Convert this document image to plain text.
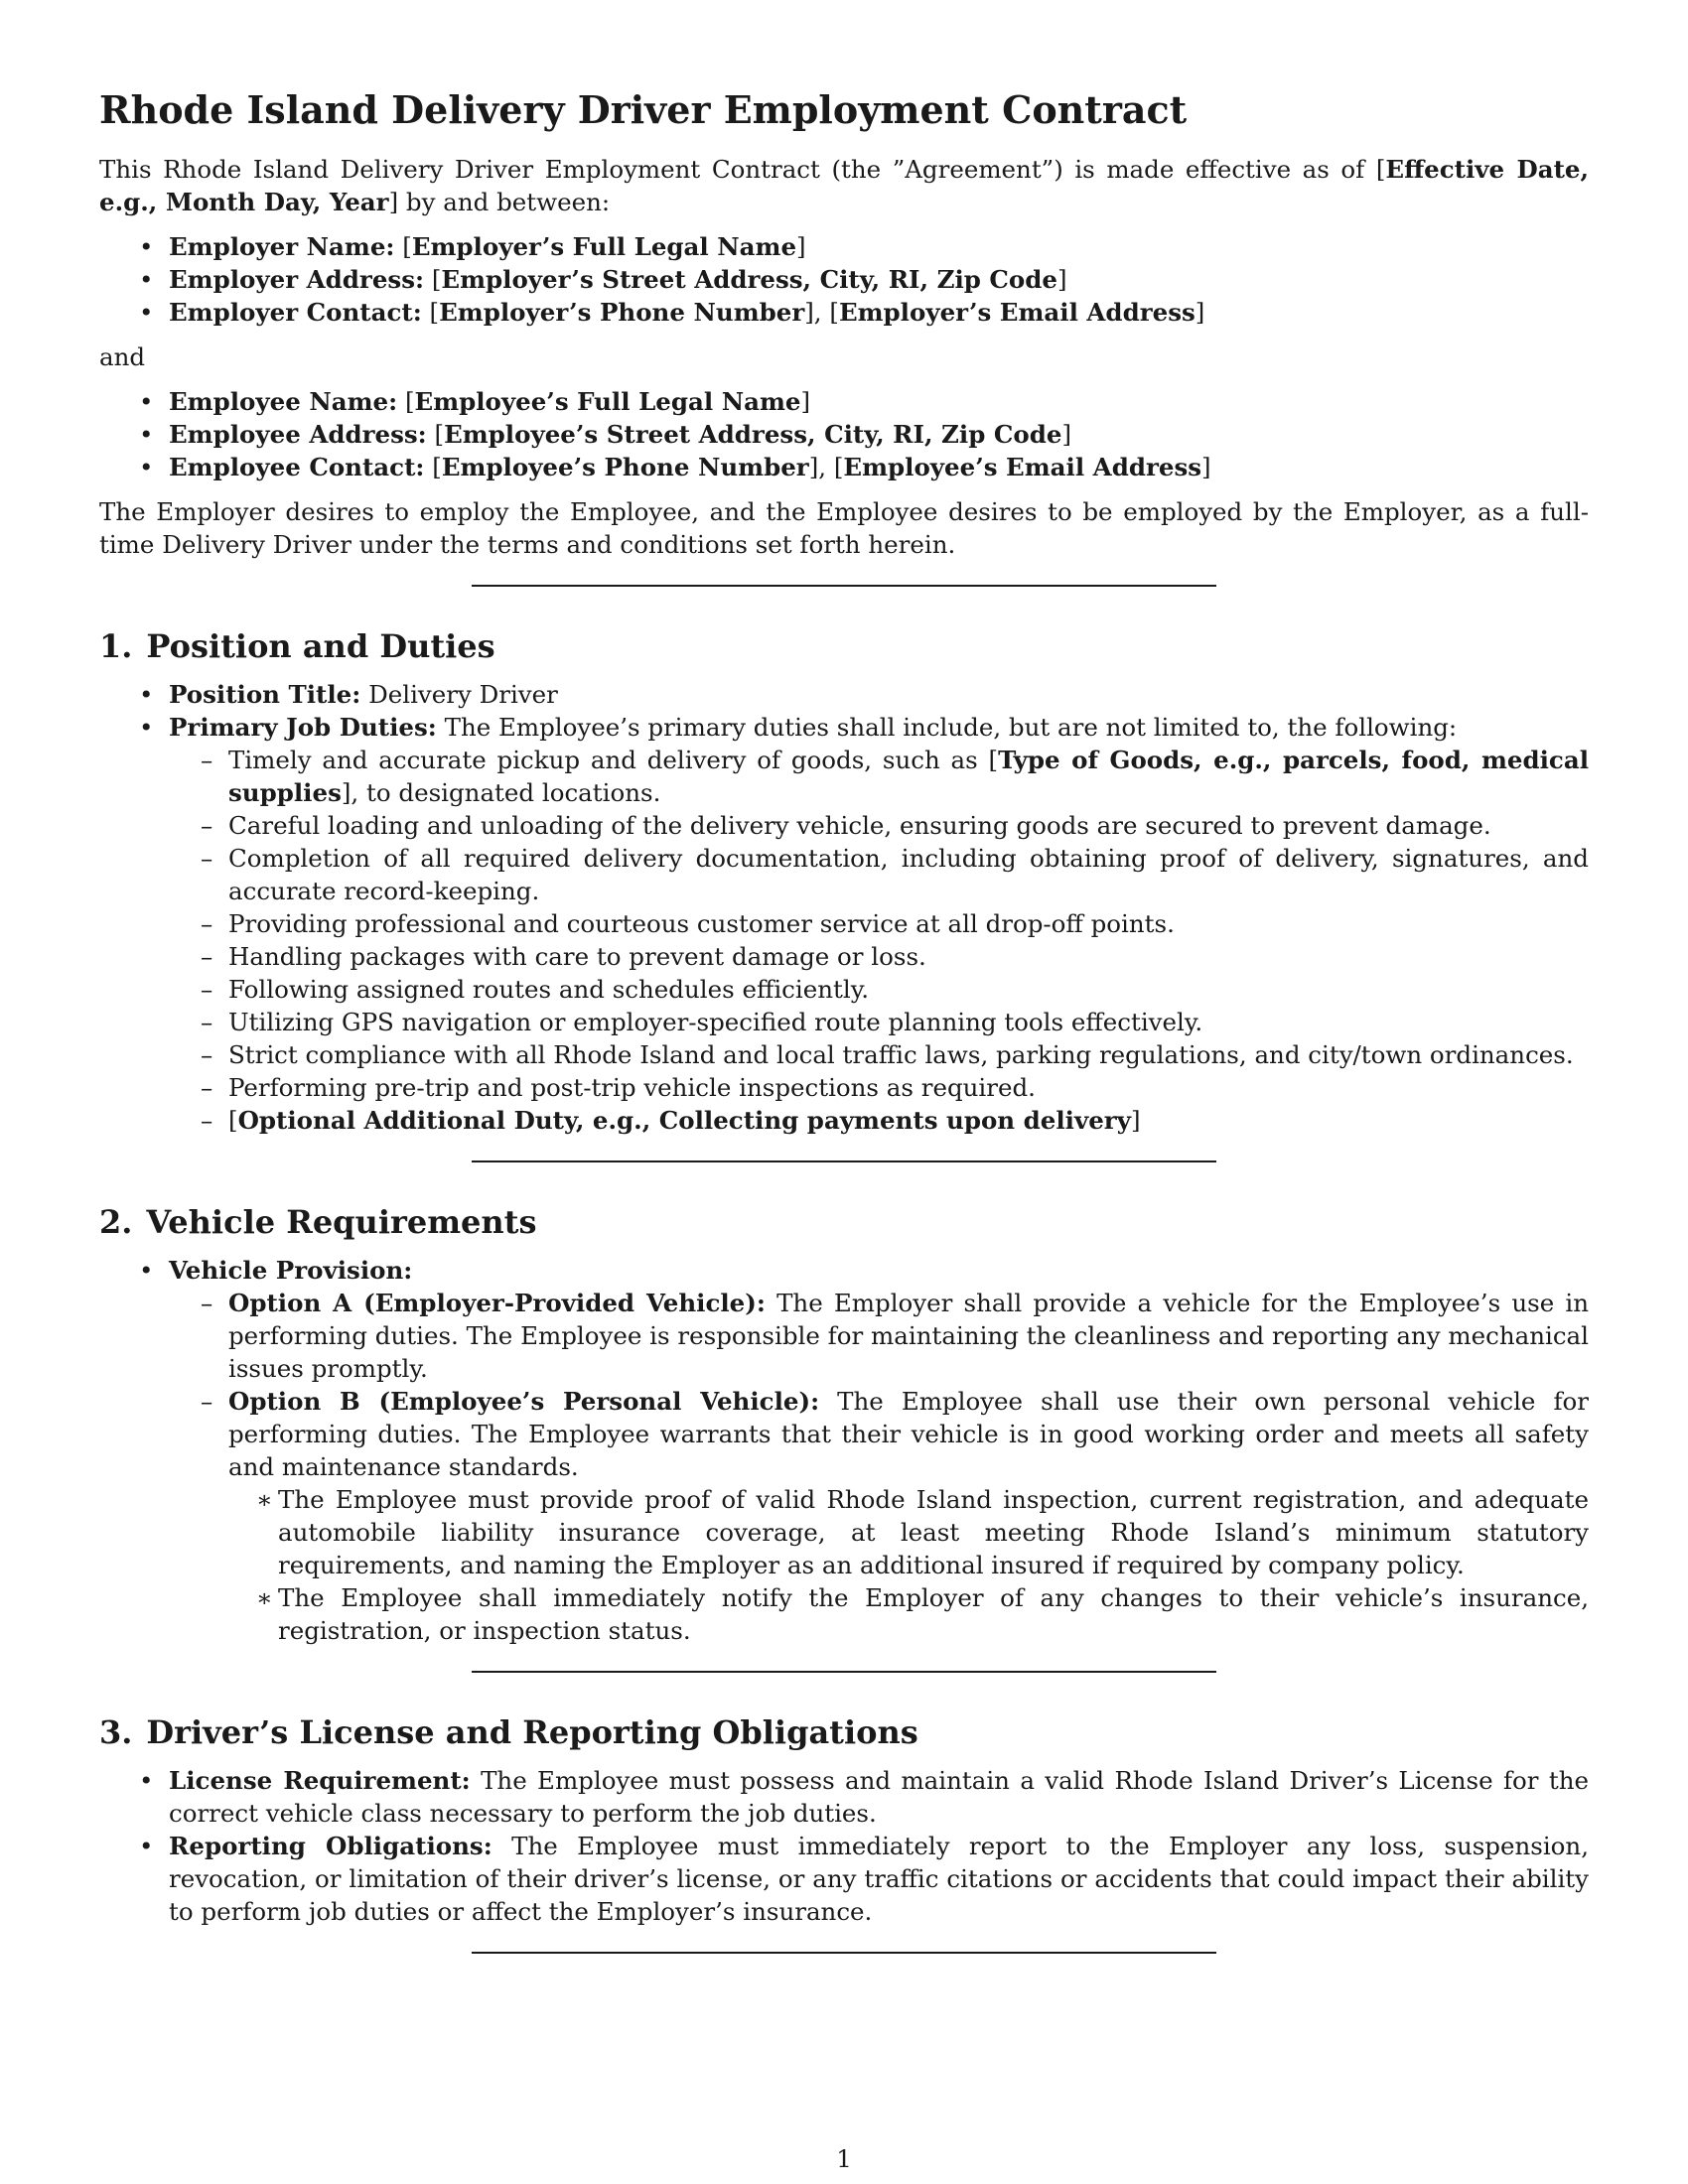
Rhode Island Delivery Driver Employment Contract

This Rhode Island Delivery Driver Employment Contract (the ”Agreement”) is made effective as of [Effective Date, e.g., Month Day, Year] by and between:

• Employer Name: [Employer’s Full Legal Name]
• Employer Address: [Employer’s Street Address, City, RI, Zip Code]
• Employer Contact: [Employer’s Phone Number], [Employer’s Email Address]

and

• Employee Name: [Employee’s Full Legal Name]
• Employee Address: [Employee’s Street Address, City, RI, Zip Code]
• Employee Contact: [Employee’s Phone Number], [Employee’s Email Address]

The Employer desires to employ the Employee, and the Employee desires to be employed by the Employer, as a full-time Delivery Driver under the terms and conditions set forth herein.

1. Position and Duties
• Position Title: Delivery Driver
• Primary Job Duties: The Employee’s primary duties shall include, but are not limited to, the following:
– Timely and accurate pickup and delivery of goods, such as [Type of Goods, e.g., parcels, food, medical supplies], to designated locations.
– Careful loading and unloading of the delivery vehicle, ensuring goods are secured to prevent damage.
– Completion of all required delivery documentation, including obtaining proof of delivery, signatures, and accurate record-keeping.
– Providing professional and courteous customer service at all drop-off points.
– Handling packages with care to prevent damage or loss.
– Following assigned routes and schedules efficiently.
– Utilizing GPS navigation or employer-specified route planning tools effectively.
– Strict compliance with all Rhode Island and local traffic laws, parking regulations, and city/town ordinances.
– Performing pre-trip and post-trip vehicle inspections as required.
– [Optional Additional Duty, e.g., Collecting payments upon delivery]
2. Vehicle Requirements
• Vehicle Provision:
– Option A (Employer-Provided Vehicle): The Employer shall provide a vehicle for the Employee’s use in performing duties. The Employee is responsible for maintaining the cleanliness and reporting any mechanical issues promptly.
– Option B (Employee’s Personal Vehicle): The Employee shall use their own personal vehicle for performing duties. The Employee warrants that their vehicle is in good working order and meets all safety and maintenance standards.
∗ The Employee must provide proof of valid Rhode Island inspection, current registration, and adequate automobile liability insurance coverage, at least meeting Rhode Island’s minimum statutory requirements, and naming the Employer as an additional insured if required by company policy.
∗ The Employee shall immediately notify the Employer of any changes to their vehicle’s insurance, registration, or inspection status.
3. Driver’s License and Reporting Obligations
• License Requirement: The Employee must possess and maintain a valid Rhode Island Driver’s License for the correct vehicle class necessary to perform the job duties.
• Reporting Obligations: The Employee must immediately report to the Employer any loss, suspension, revocation, or limitation of their driver’s license, or any traffic citations or accidents that could impact their ability to perform job duties or affect the Employer’s insurance.
1
